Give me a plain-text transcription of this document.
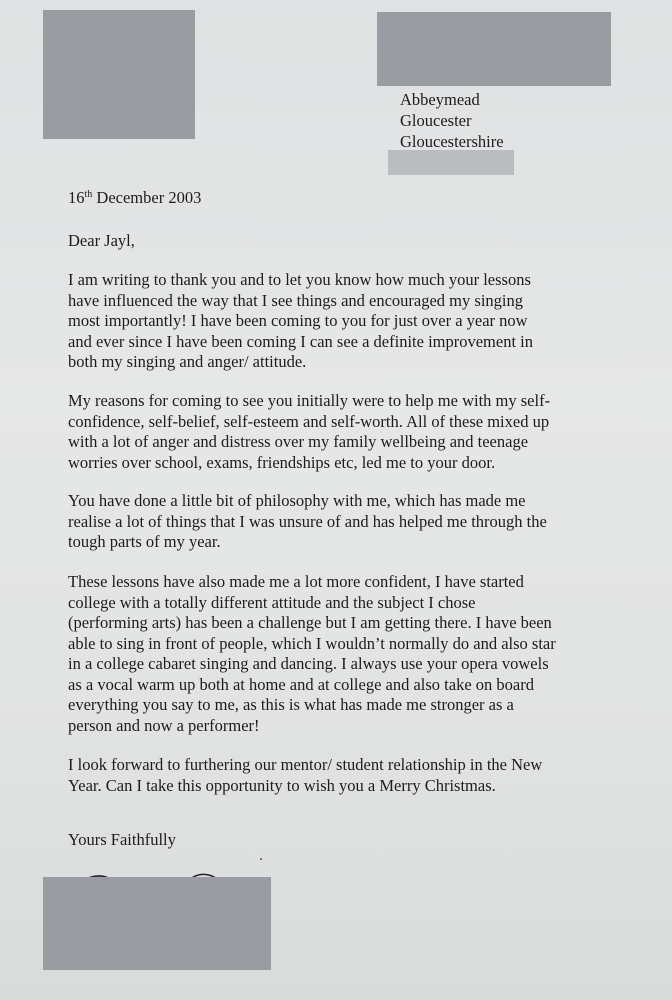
Abbeymead
Gloucester
Gloucestershire
16th December 2003
Dear Jayl,
I am writing to thank you and to let you know how much your lessons
have influenced the way that I see things and encouraged my singing
most importantly! I have been coming to you for just over a year now
and ever since I have been coming I can see a definite improvement in
both my singing and anger/ attitude.
My reasons for coming to see you initially were to help me with my self-
confidence, self-belief, self-esteem and self-worth. All of these mixed up
with a lot of anger and distress over my family wellbeing and teenage
worries over school, exams, friendships etc, led me to your door.
You have done a little bit of philosophy with me, which has made me
realise a lot of things that I was unsure of and has helped me through the
tough parts of my year.
These lessons have also made me a lot more confident, I have started
college with a totally different attitude and the subject I chose
(performing arts) has been a challenge but I am getting there. I have been
able to sing in front of people, which I wouldn’t normally do and also star
in a college cabaret singing and dancing. I always use your opera vowels
as a vocal warm up both at home and at college and also take on board
everything you say to me, as this is what has made me stronger as a
person and now a performer!
I look forward to furthering our mentor/ student relationship in the New
Year. Can I take this opportunity to wish you a Merry Christmas.
Yours Faithfully
